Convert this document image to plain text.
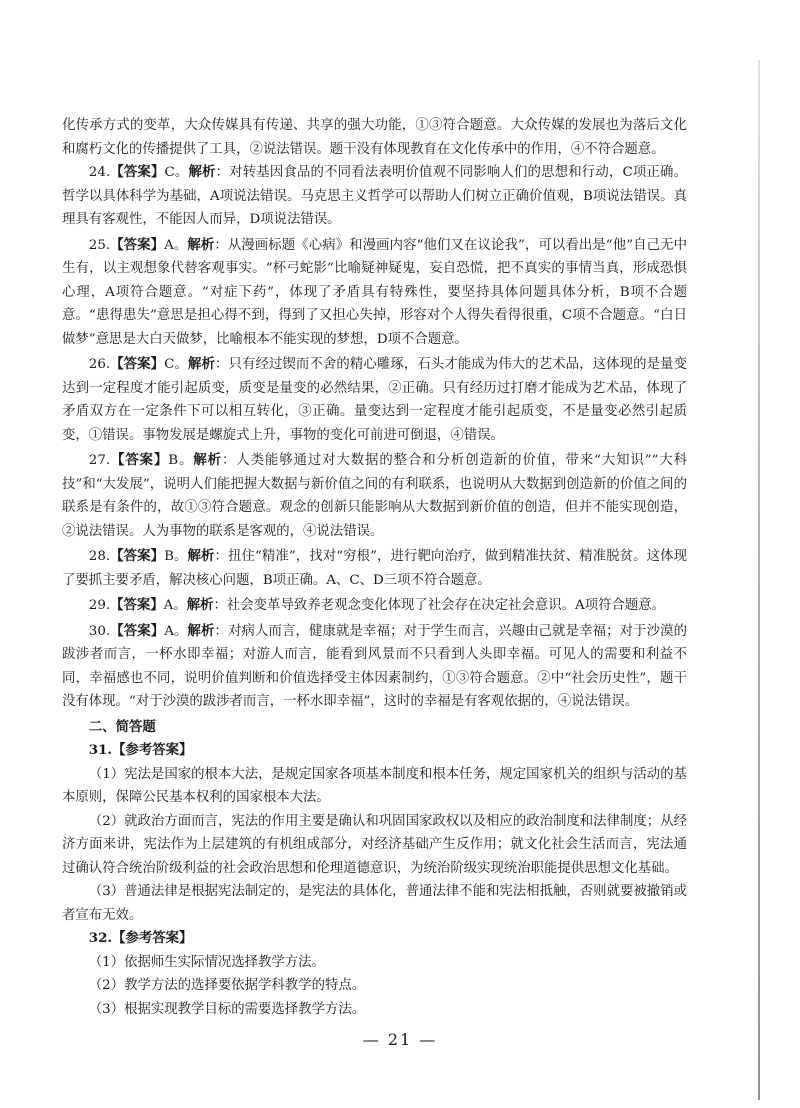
化传承方式的变革，大众传媒具有传递、共享的强大功能，①③符合题意。大众传媒的发展也为落后文化和腐朽文化的传播提供了工具，②说法错误。题干没有体现教育在文化传承中的作用，④不符合题意。

24.【答案】C。解析：对转基因食品的不同看法表明价值观不同影响人们的思想和行动，C项正确。哲学以具体科学为基础，A项说法错误。马克思主义哲学可以帮助人们树立正确价值观，B项说法错误。真理具有客观性，不能因人而异，D项说法错误。

25.【答案】A。解析：从漫画标题《心病》和漫画内容“他们又在议论我”，可以看出是“他”自己无中生有，以主观想象代替客观事实。“杯弓蛇影”比喻疑神疑鬼，妄自恐慌，把不真实的事情当真，形成恐惧心理，A项符合题意。“对症下药”，体现了矛盾具有特殊性，要坚持具体问题具体分析，B项不合题意。“患得患失”意思是担心得不到，得到了又担心失掉，形容对个人得失看得很重，C项不合题意。“白日做梦”意思是大白天做梦，比喻根本不能实现的梦想，D项不合题意。

26.【答案】C。解析：只有经过锲而不舍的精心雕琢，石头才能成为伟大的艺术品，这体现的是量变达到一定程度才能引起质变，质变是量变的必然结果，②正确。只有经历过打磨才能成为艺术品，体现了矛盾双方在一定条件下可以相互转化，③正确。量变达到一定程度才能引起质变，不是量变必然引起质变，①错误。事物发展是螺旋式上升，事物的变化可前进可倒退，④错误。

27.【答案】B。解析：人类能够通过对大数据的整合和分析创造新的价值，带来“大知识”“大科技”和“大发展”，说明人们能把握大数据与新价值之间的有利联系，也说明从大数据到创造新的价值之间的联系是有条件的，故①③符合题意。观念的创新只能影响从大数据到新价值的创造，但并不能实现创造，②说法错误。人为事物的联系是客观的，④说法错误。

28.【答案】B。解析：扭住“精准”，找对“穷根”，进行靶向治疗，做到精准扶贫、精准脱贫。这体现了要抓主要矛盾，解决核心问题，B项正确。A、C、D三项不符合题意。

29.【答案】A。解析：社会变革导致养老观念变化体现了社会存在决定社会意识。A项符合题意。

30.【答案】A。解析：对病人而言，健康就是幸福；对于学生而言，兴趣由己就是幸福；对于沙漠的跋涉者而言，一杯水即幸福；对游人而言，能看到风景而不只看到人头即幸福。可见人的需要和利益不同，幸福感也不同，说明价值判断和价值选择受主体因素制约，①③符合题意。②中“社会历史性”，题干没有体现。“对于沙漠的跋涉者而言，一杯水即幸福”，这时的幸福是有客观依据的，④说法错误。

二、简答题

31.【参考答案】

（1）宪法是国家的根本大法，是规定国家各项基本制度和根本任务，规定国家机关的组织与活动的基本原则，保障公民基本权利的国家根本大法。

（2）就政治方面而言，宪法的作用主要是确认和巩固国家政权以及相应的政治制度和法律制度；从经济方面来讲，宪法作为上层建筑的有机组成部分，对经济基础产生反作用；就文化社会生活而言，宪法通过确认符合统治阶级利益的社会政治思想和伦理道德意识，为统治阶级实现统治职能提供思想文化基础。

（3）普通法律是根据宪法制定的，是宪法的具体化，普通法律不能和宪法相抵触，否则就要被撤销或者宣布无效。

32.【参考答案】

（1）依据师生实际情况选择教学方法。

（2）教学方法的选择要依据学科教学的特点。

（3）根据实现教学目标的需要选择教学方法。

— 21 —
